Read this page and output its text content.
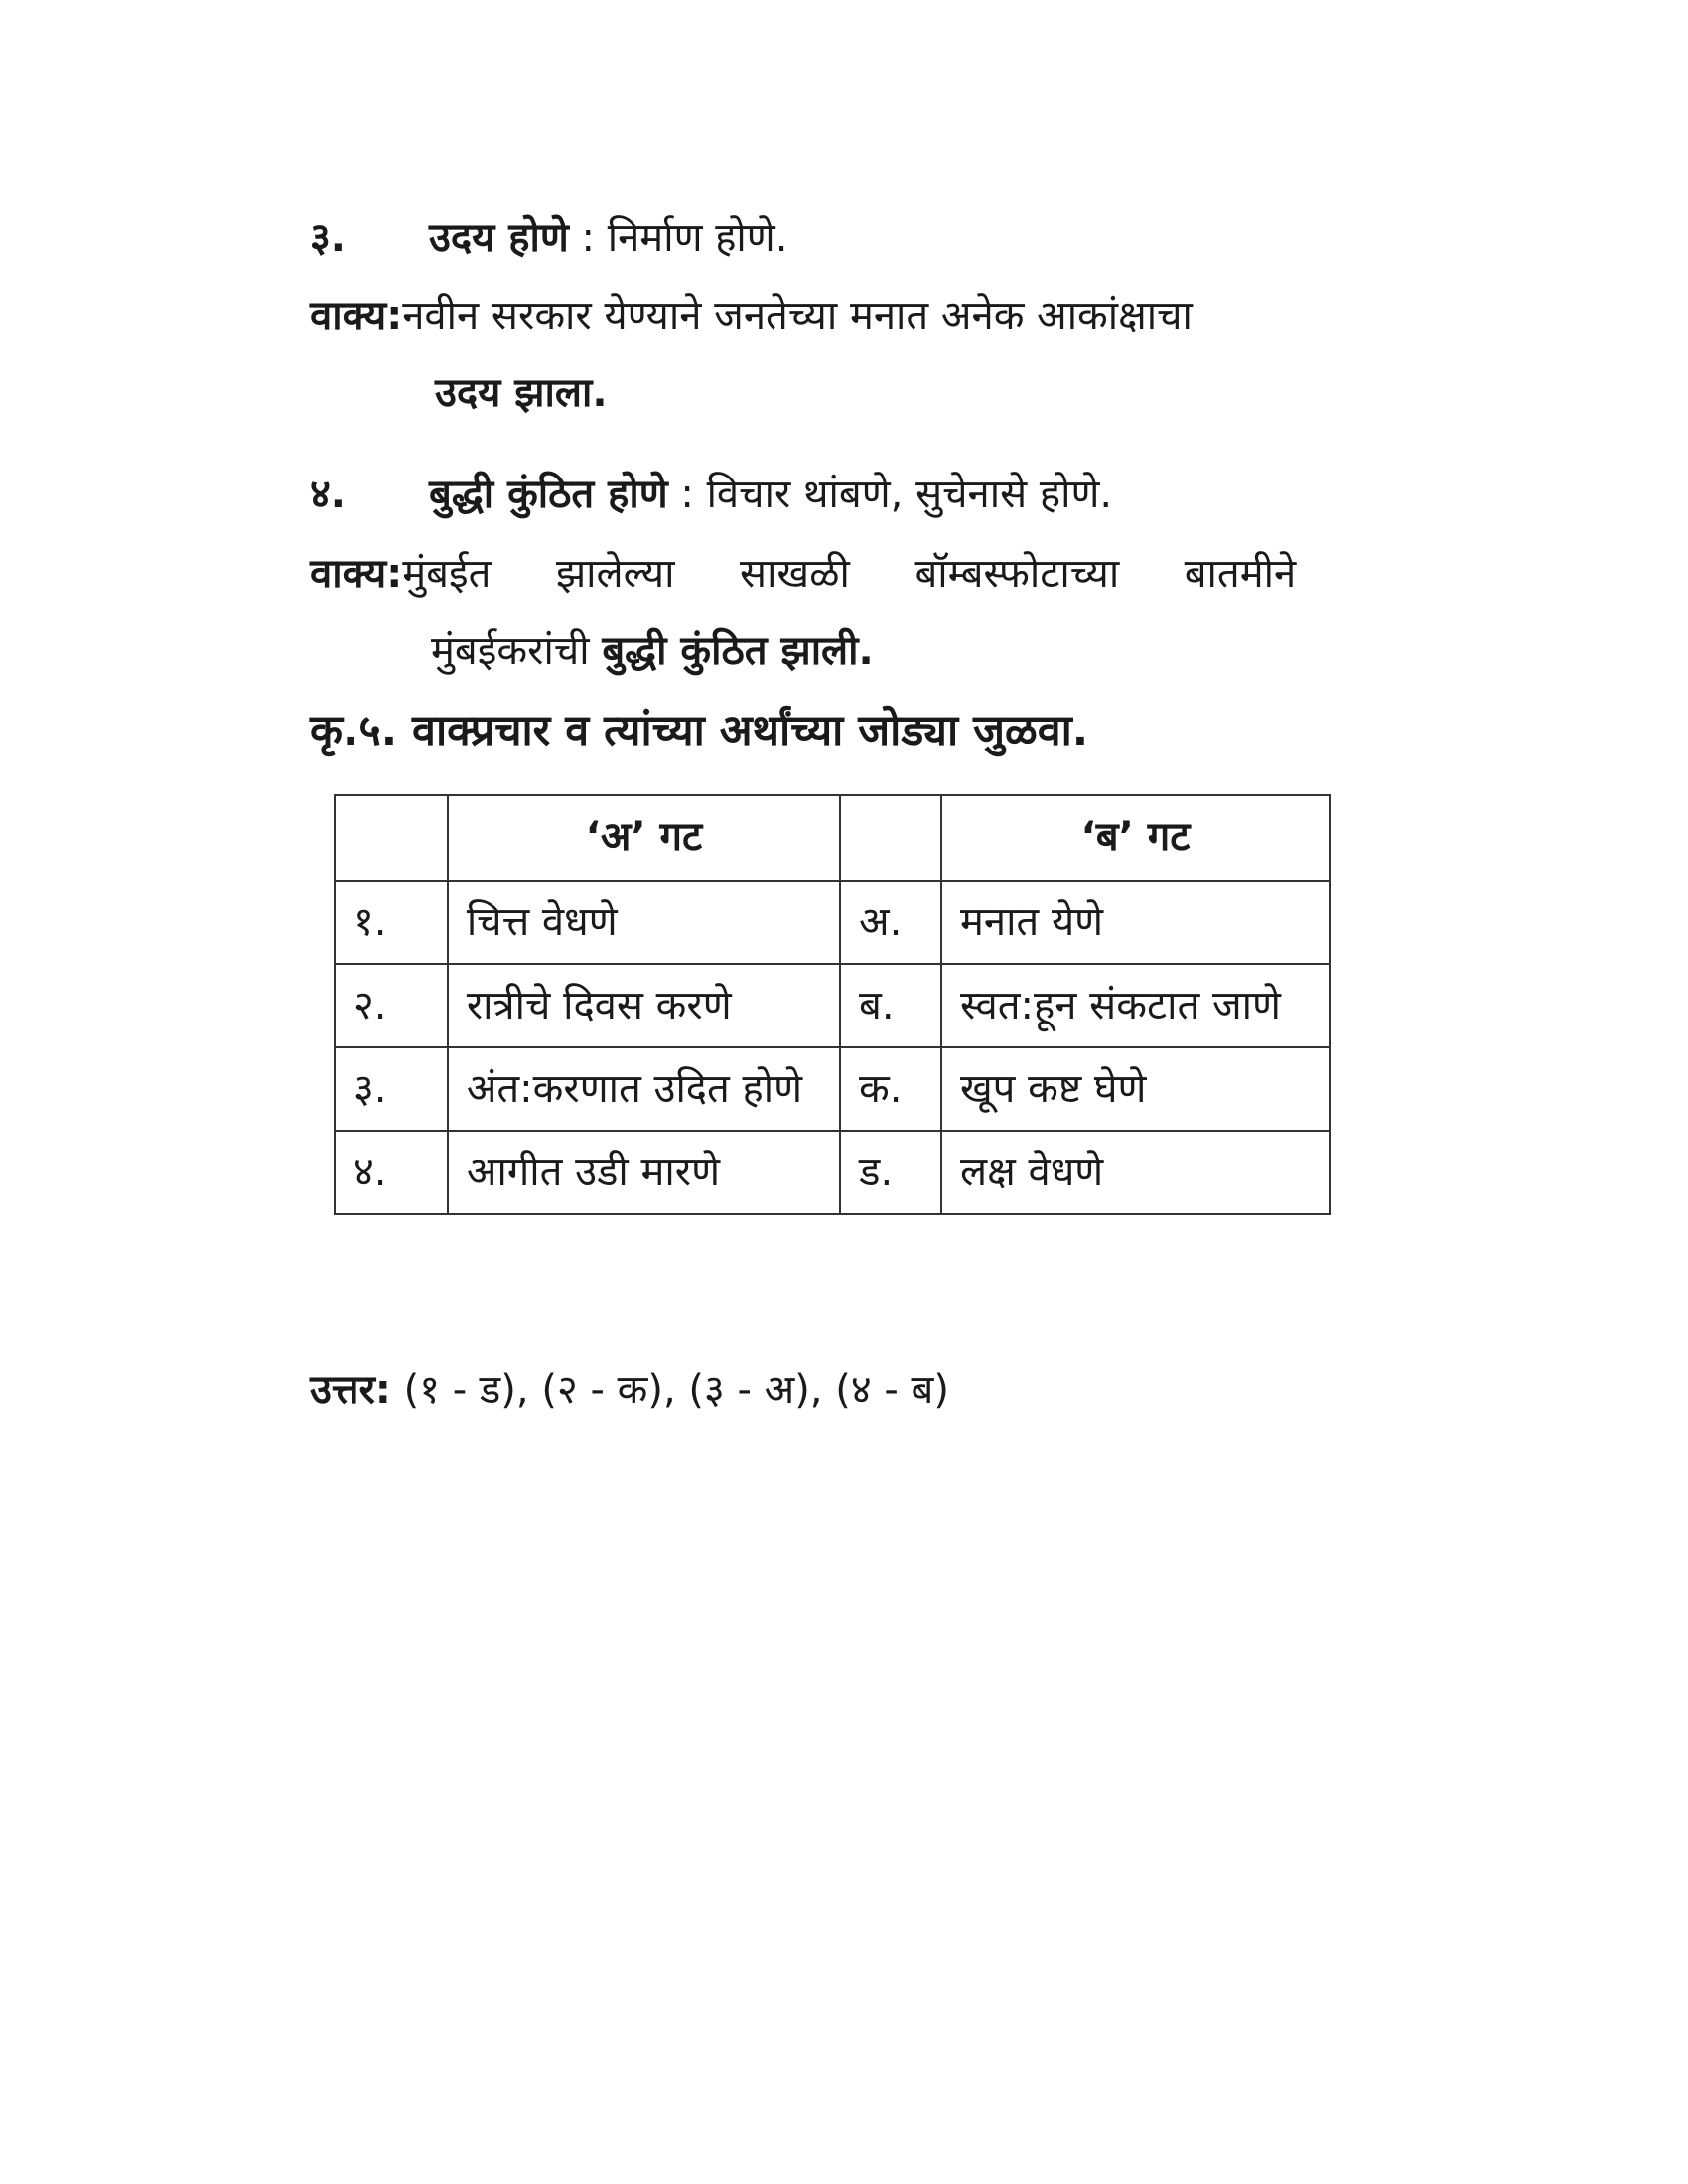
३. उदय होणे : निर्माण होणे.
वाक्य:नवीन सरकार येण्याने जनतेच्या मनात अनेक आकांक्षाचा
उदय झाला.
४. बुद्धी कुंठित होणे : विचार थांबणे, सुचेनासे होणे.
वाक्य: मुंबईत झालेल्या साखळी बॉम्बस्फोटाच्या बातमीने
मुंबईकरांची बुद्धी कुंठित झाली.
कृ.५. वाक्प्रचार व त्यांच्या अर्थांच्या जोड्या जुळवा.
	‘अ’ गट		‘ब’ गट
१.	चित्त वेधणे	अ.	मनात येणे
२.	रात्रीचे दिवस करणे	ब.	स्वत:हून संकटात जाणे
३.	अंत:करणात उदित होणे	क.	खूप कष्ट घेणे
४.	आगीत उडी मारणे	ड.	लक्ष वेधणे
उत्तर: (१ - ड), (२ - क), (३ - अ), (४ - ब)
